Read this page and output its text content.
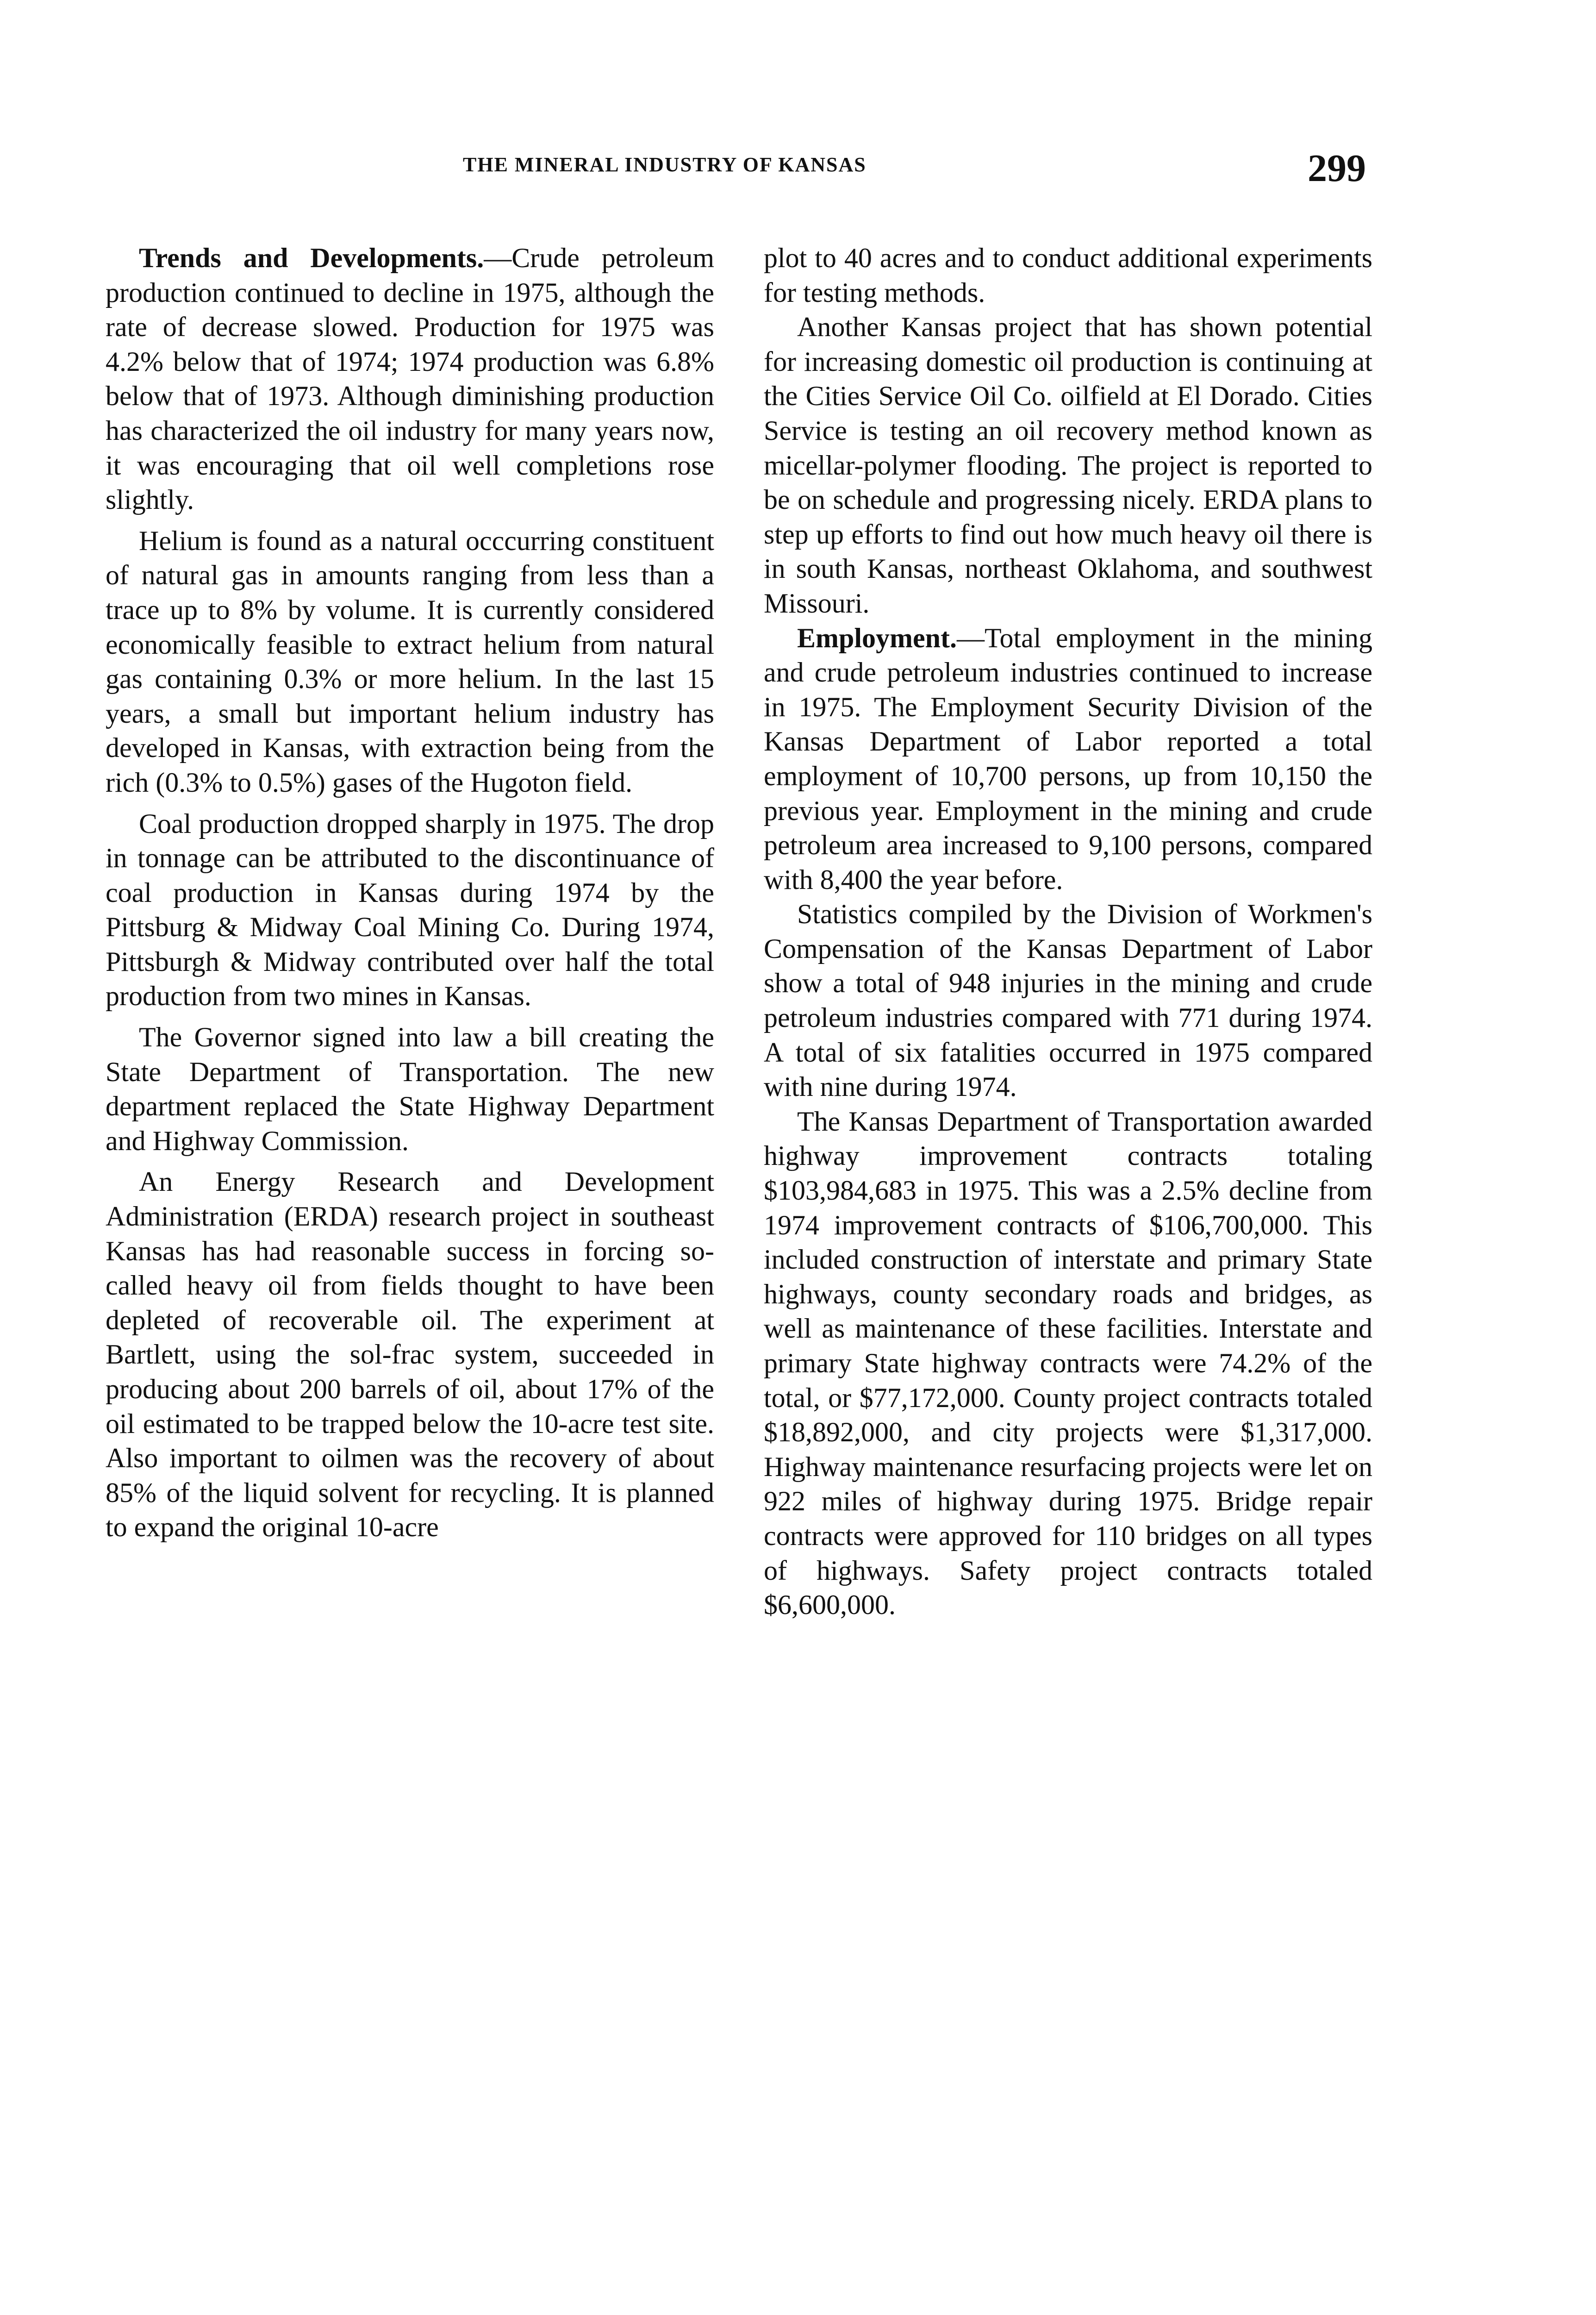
THE MINERAL INDUSTRY OF KANSAS	299

Trends and Developments.—Crude petroleum production continued to decline in 1975, although the rate of decrease slowed. Production for 1975 was 4.2% below that of 1974; 1974 production was 6.8% below that of 1973. Although diminishing production has characterized the oil industry for many years now, it was encouraging that oil well completions rose slightly.

Helium is found as a natural occcurring constituent of natural gas in amounts ranging from less than a trace up to 8% by volume. It is currently considered economically feasible to extract helium from natural gas containing 0.3% or more helium. In the last 15 years, a small but important helium industry has developed in Kansas, with extraction being from the rich (0.3% to 0.5%) gases of the Hugoton field.

Coal production dropped sharply in 1975. The drop in tonnage can be attributed to the discontinuance of coal production in Kansas during 1974 by the Pittsburg & Midway Coal Mining Co. During 1974, Pittsburgh & Midway contributed over half the total production from two mines in Kansas.

The Governor signed into law a bill creating the State Department of Transportation. The new department replaced the State Highway Department and Highway Commission.

An Energy Research and Development Administration (ERDA) research project in southeast Kansas has had reasonable success in forcing so-called heavy oil from fields thought to have been depleted of recoverable oil. The experiment at Bartlett, using the sol-frac system, succeeded in producing about 200 barrels of oil, about 17% of the oil estimated to be trapped below the 10-acre test site. Also important to oilmen was the recovery of about 85% of the liquid solvent for recycling. It is planned to expand the original 10-acre

plot to 40 acres and to conduct additional experiments for testing methods.

Another Kansas project that has shown potential for increasing domestic oil production is continuing at the Cities Service Oil Co. oilfield at El Dorado. Cities Service is testing an oil recovery method known as micellar-polymer flooding. The project is reported to be on schedule and progressing nicely. ERDA plans to step up efforts to find out how much heavy oil there is in south Kansas, northeast Oklahoma, and southwest Missouri.

Employment.—Total employment in the mining and crude petroleum industries continued to increase in 1975. The Employment Security Division of the Kansas Department of Labor reported a total employment of 10,700 persons, up from 10,150 the previous year. Employment in the mining and crude petroleum area increased to 9,100 persons, compared with 8,400 the year before.

Statistics compiled by the Division of Workmen's Compensation of the Kansas Department of Labor show a total of 948 injuries in the mining and crude petroleum industries compared with 771 during 1974. A total of six fatalities occurred in 1975 compared with nine during 1974.

The Kansas Department of Transportation awarded highway improvement contracts totaling $103,984,683 in 1975. This was a 2.5% decline from 1974 improvement contracts of $106,700,000. This included construction of interstate and primary State highways, county secondary roads and bridges, as well as maintenance of these facilities. Interstate and primary State highway contracts were 74.2% of the total, or $77,172,000. County project contracts totaled $18,892,000, and city projects were $1,317,000. Highway maintenance resurfacing projects were let on 922 miles of highway during 1975. Bridge repair contracts were approved for 110 bridges on all types of highways. Safety project contracts totaled $6,600,000.
